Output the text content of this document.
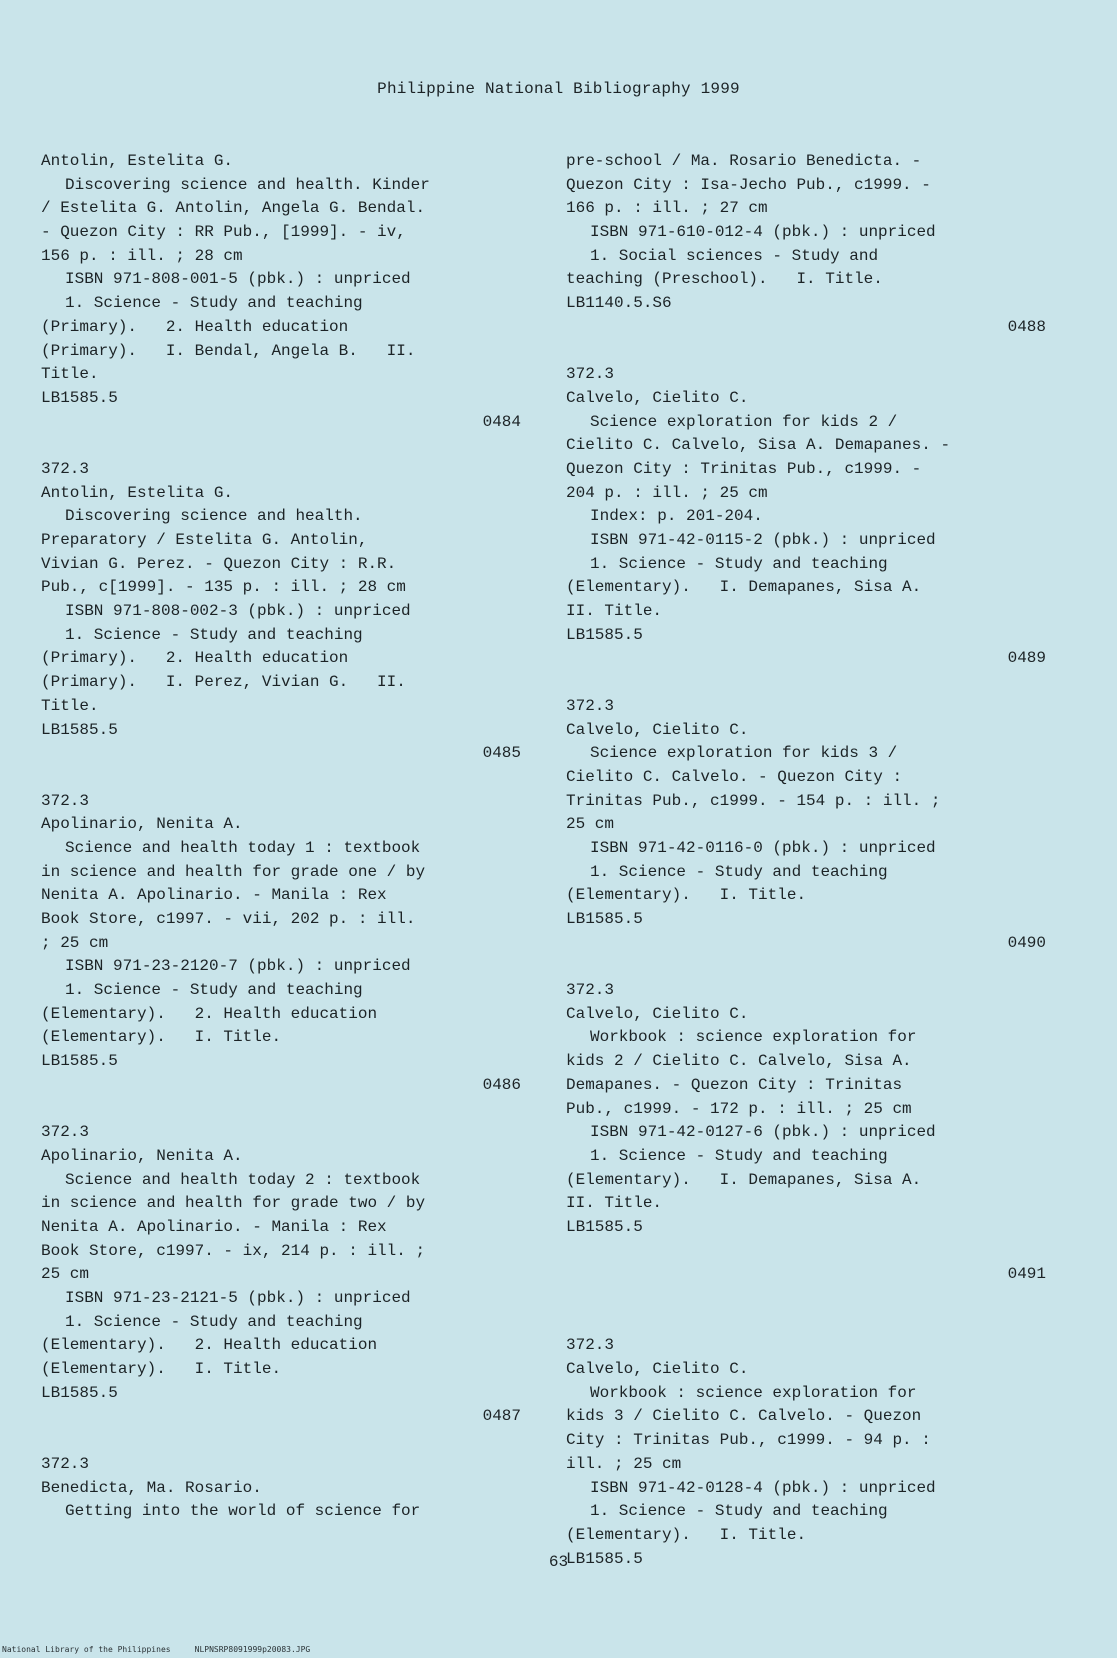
Philippine National Bibliography 1999
Antolin, Estelita G.
Discovering science and health. Kinder
/ Estelita G. Antolin, Angela G. Bendal.
- Quezon City : RR Pub., [1999]. - iv,
156 p. : ill. ; 28 cm
ISBN 971-808-001-5 (pbk.) : unpriced
1. Science - Study and teaching
(Primary).   2. Health education
(Primary).   I. Bendal, Angela B.   II.
Title.
LB1585.5
0484
372.3
Antolin, Estelita G.
Discovering science and health.
Preparatory / Estelita G. Antolin,
Vivian G. Perez. - Quezon City : R.R.
Pub., c[1999]. - 135 p. : ill. ; 28 cm
ISBN 971-808-002-3 (pbk.) : unpriced
1. Science - Study and teaching
(Primary).   2. Health education
(Primary).   I. Perez, Vivian G.   II.
Title.
LB1585.5
0485
372.3
Apolinario, Nenita A.
Science and health today 1 : textbook
in science and health for grade one / by
Nenita A. Apolinario. - Manila : Rex
Book Store, c1997. - vii, 202 p. : ill.
; 25 cm
ISBN 971-23-2120-7 (pbk.) : unpriced
1. Science - Study and teaching
(Elementary).   2. Health education
(Elementary).   I. Title.
LB1585.5
0486
372.3
Apolinario, Nenita A.
Science and health today 2 : textbook
in science and health for grade two / by
Nenita A. Apolinario. - Manila : Rex
Book Store, c1997. - ix, 214 p. : ill. ;
25 cm
ISBN 971-23-2121-5 (pbk.) : unpriced
1. Science - Study and teaching
(Elementary).   2. Health education
(Elementary).   I. Title.
LB1585.5
0487
372.3
Benedicta, Ma. Rosario.
Getting into the world of science for
pre-school / Ma. Rosario Benedicta. -
Quezon City : Isa-Jecho Pub., c1999. -
166 p. : ill. ; 27 cm
ISBN 971-610-012-4 (pbk.) : unpriced
1. Social sciences - Study and
teaching (Preschool).   I. Title.
LB1140.5.S6
0488
372.3
Calvelo, Cielito C.
Science exploration for kids 2 /
Cielito C. Calvelo, Sisa A. Demapanes. -
Quezon City : Trinitas Pub., c1999. -
204 p. : ill. ; 25 cm
Index: p. 201-204.
ISBN 971-42-0115-2 (pbk.) : unpriced
1. Science - Study and teaching
(Elementary).   I. Demapanes, Sisa A.
II. Title.
LB1585.5
0489
372.3
Calvelo, Cielito C.
Science exploration for kids 3 /
Cielito C. Calvelo. - Quezon City :
Trinitas Pub., c1999. - 154 p. : ill. ;
25 cm
ISBN 971-42-0116-0 (pbk.) : unpriced
1. Science - Study and teaching
(Elementary).   I. Title.
LB1585.5
0490
372.3
Calvelo, Cielito C.
Workbook : science exploration for
kids 2 / Cielito C. Calvelo, Sisa A.
Demapanes. - Quezon City : Trinitas
Pub., c1999. - 172 p. : ill. ; 25 cm
ISBN 971-42-0127-6 (pbk.) : unpriced
1. Science - Study and teaching
(Elementary).   I. Demapanes, Sisa A.
II. Title.
LB1585.5
0491
372.3
Calvelo, Cielito C.
Workbook : science exploration for
kids 3 / Cielito C. Calvelo. - Quezon
City : Trinitas Pub., c1999. - 94 p. :
ill. ; 25 cm
ISBN 971-42-0128-4 (pbk.) : unpriced
1. Science - Study and teaching
(Elementary).   I. Title.
LB1585.5
63
National Library of the Philippines     NLPNSRP8091999p20083.JPG
